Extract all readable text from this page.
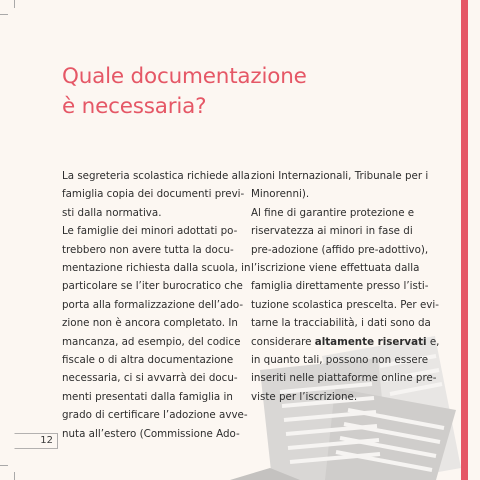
Quale documentazione
è necessaria?
La segreteria scolastica richiede alla
famiglia copia dei documenti previ-
sti dalla normativa.
Le famiglie dei minori adottati po-
trebbero non avere tutta la docu-
mentazione richiesta dalla scuola, in
particolare se l’iter burocratico che
porta alla formalizzazione dell’ado-
zione non è ancora completato. In
mancanza, ad esempio, del codice
fiscale o di altra documentazione
necessaria, ci si avvarrà dei docu-
menti presentati dalla famiglia in
grado di certificare l’adozione avve-
nuta all’estero (Commissione Ado-
zioni Internazionali, Tribunale per i
Minorenni).
Al fine di garantire protezione e
riservatezza ai minori in fase di
pre-adozione (affido pre-adottivo),
l’iscrizione viene effettuata dalla
famiglia direttamente presso l’isti-
tuzione scolastica prescelta. Per evi-
tarne la tracciabilità, i dati sono da
considerare altamente riservati e,
in quanto tali, possono non essere
inseriti nelle piattaforme online pre-
viste per l’iscrizione.
12
